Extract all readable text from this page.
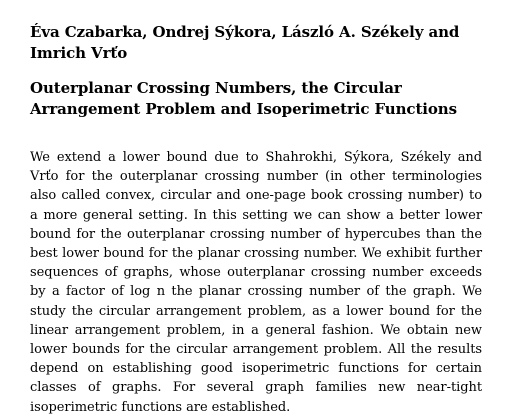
Éva Czabarka, Ondrej Sýkora, László A. Székely and Imrich Vrťo

Outerplanar Crossing Numbers, the Circular Arrangement Problem and Isoperimetric Functions

We extend a lower bound due to Shahrokhi, Sýkora, Székely and Vrťo for the outerplanar crossing number (in other terminologies also called convex, circular and one-page book crossing number) to a more general setting. In this setting we can show a better lower bound for the outerplanar crossing number of hypercubes than the best lower bound for the planar crossing number. We exhibit further sequences of graphs, whose outerplanar crossing number exceeds by a factor of log n the planar crossing number of the graph. We study the circular arrangement problem, as a lower bound for the linear arrangement problem, in a general fashion. We obtain new lower bounds for the circular arrangement problem. All the results depend on establishing good isoperimetric functions for certain classes of graphs. For several graph families new near-tight isoperimetric functions are established.
